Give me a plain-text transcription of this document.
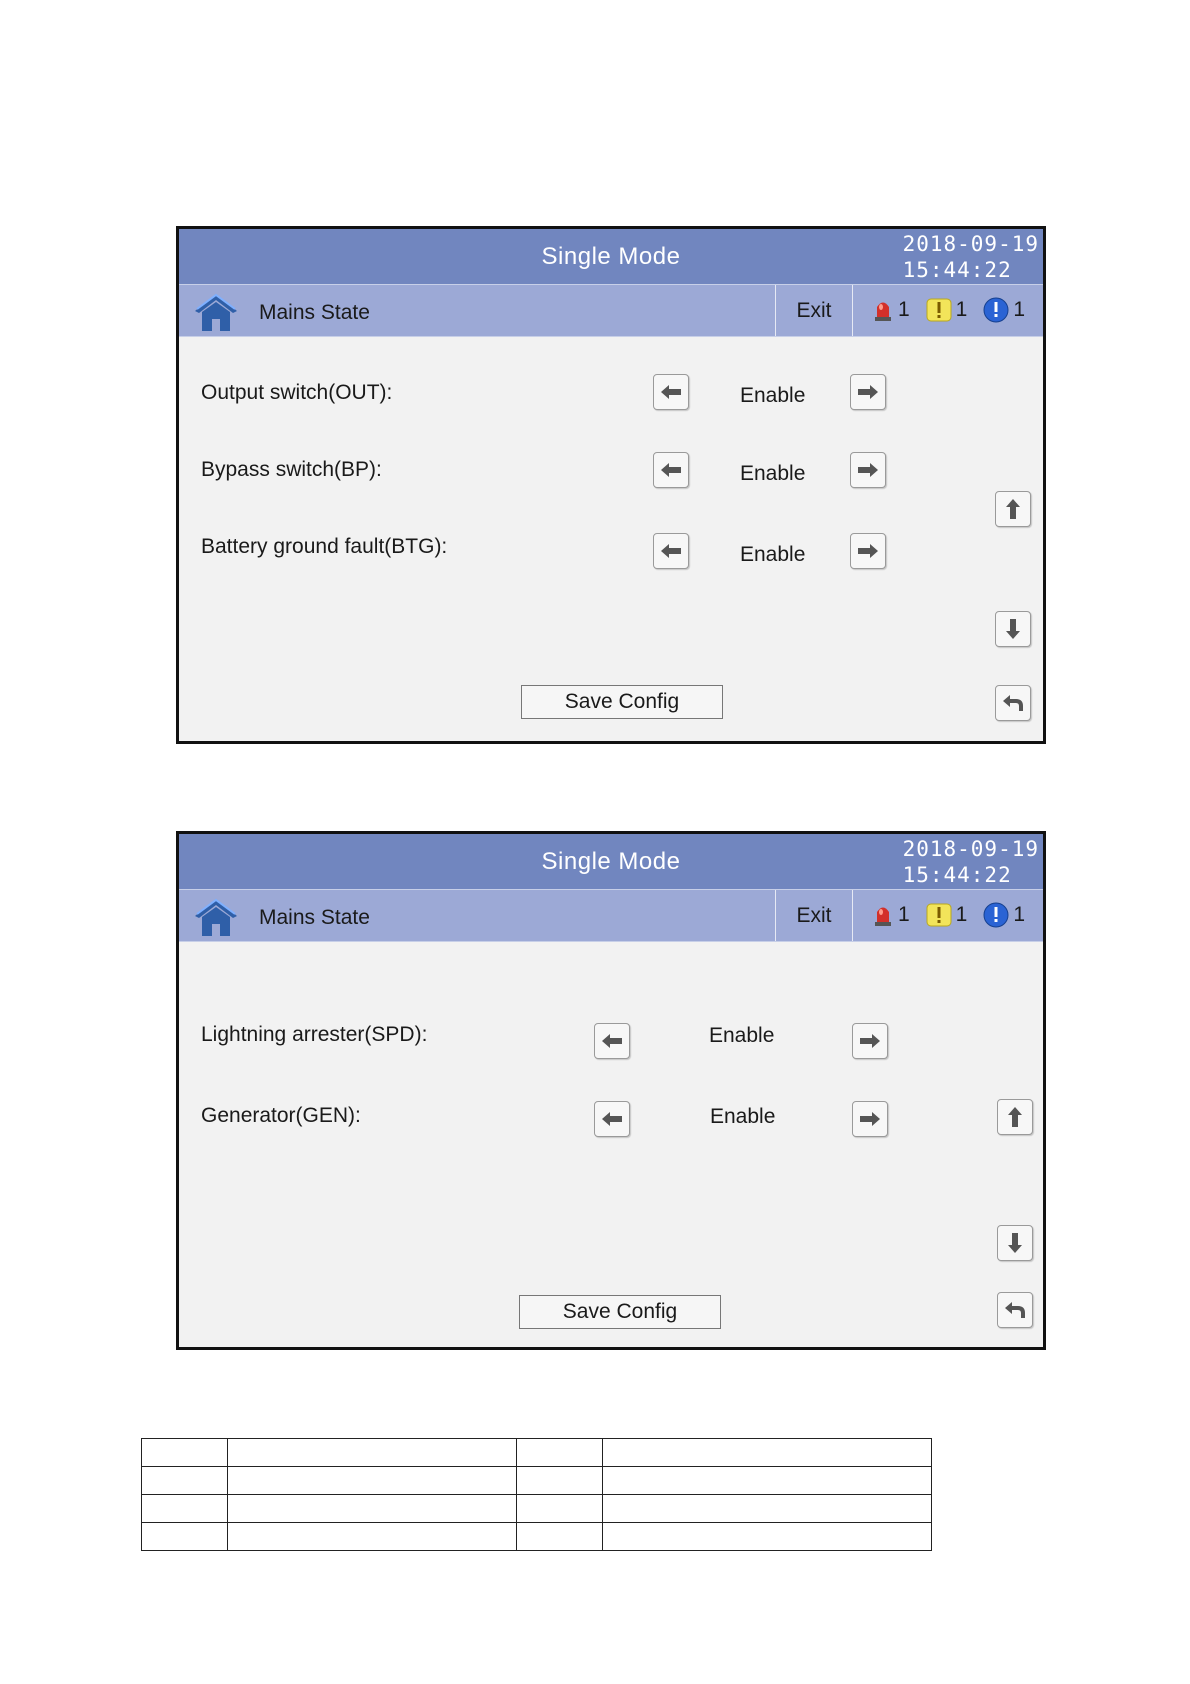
Single Mode	2018-09-19
15:44:22
Mains State	Exit	1 1 1
Output switch(OUT):	Enable
Bypass switch(BP):	Enable
Battery ground fault(BTG):	Enable
Save Config
Single Mode	2018-09-19
15:44:22
Mains State	Exit	1 1 1
Lightning arrester(SPD):	Enable
Generator(GEN):	Enable
Save Config
